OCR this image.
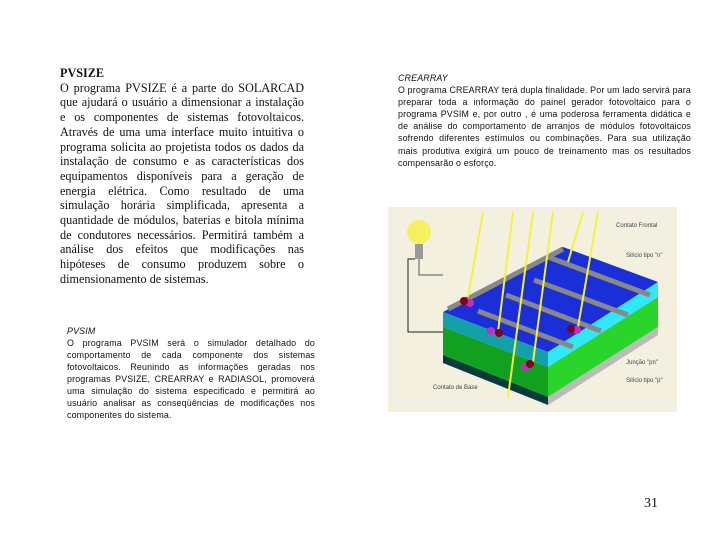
PVSIZE
O programa PVSIZE é a parte do SOLARCAD que ajudará o usuário a dimensionar a instalação e os componentes de sistemas fotovoltaicos. Através de uma uma interface muito intuitiva o programa solicita ao projetista todos os dados da instalação de consumo e as características dos equipamentos disponíveis para a geração de energia elétrica. Como resultado de uma simulação horária simplificada, apresenta a quantidade de módulos, baterias e bitola mínima de condutores necessários. Permitirá também a análise dos efeitos que modificações nas hipóteses de consumo produzem sobre o dimensionamento de sistemas.
CREARRAY
O programa CREARRAY terá dupla finalidade. Por um lado servirá para preparar toda a informação do painel gerador fotovoltaico para o programa PVSIM e, por outro , é uma poderosa ferramenta didática e de análise do comportamento de arranjos de módulos fotovoltaicos sofrendo diferentes estímulos ou combinações. Para sua utilização mais produtiva exigirá um pouco de treinamento mas os resultados compensarão o esforço.
PVSIM
O programa PVSIM será o simulador detalhado do comportamento de cada componente dos sistemas fotovoltaicos. Reunindo as informações geradas nos programas PVSIZE, CREARRAY e RADIASOL, promoverá uma simulação do sistema especificado e permitirá ao usuário analisar as conseqüências de modificações nos componentes do sistema.
Contato Frontal
Silício tipo "n"
Junção "pn"
Silício tipo "p"
Contato de Base
31
